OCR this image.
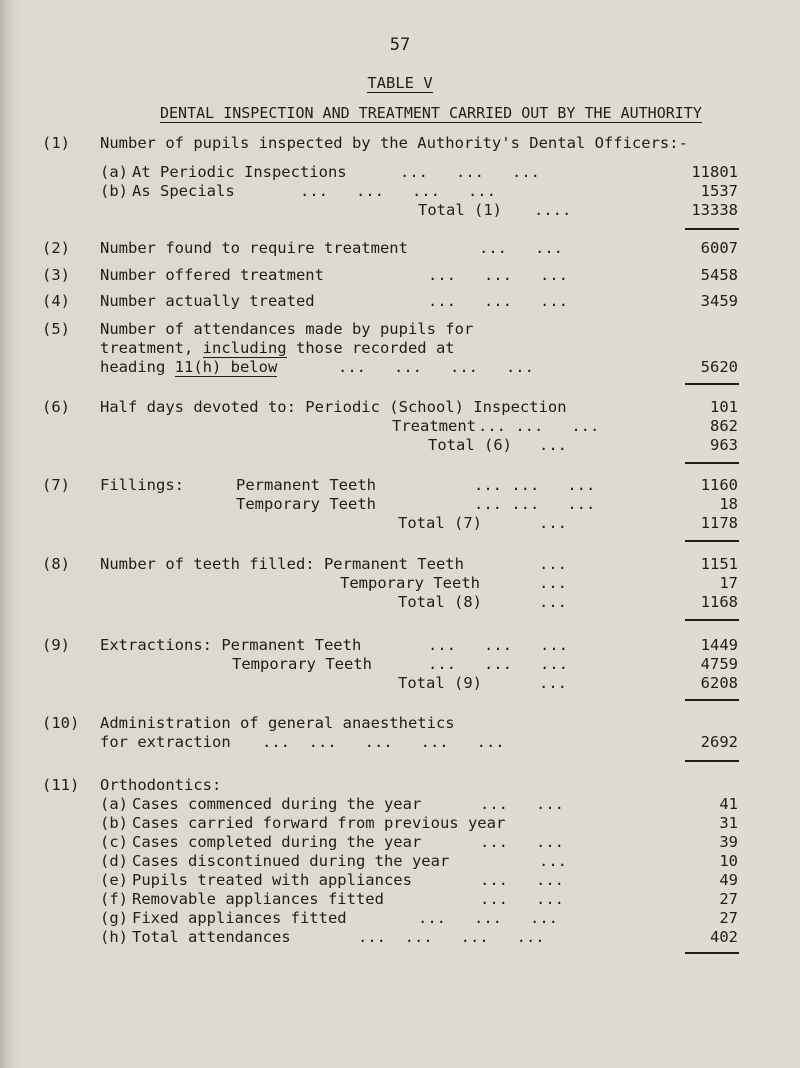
57
TABLE V
DENTAL INSPECTION AND TREATMENT CARRIED OUT BY THE AUTHORITY
(1) Number of pupils inspected by the Authority's Dental Officers:-
(a) At Periodic Inspections	...   ...   ...	11801
(b) As Specials	...   ...   ...   ...	1537
Total (1) ....	13338
(2) Number found to require treatment	...   ...	6007
(3) Number offered treatment	...   ...   ...	5458
(4) Number actually treated	...   ...   ...	3459
(5) Number of attendances made by pupils for
treatment, including those recorded at
heading 11(h) below	...   ...   ...   ...	5620
(6) Half days devoted to: Periodic (School) Inspection	101
Treatment ... ...   ...	862
Total (6) ...	963
(7) Fillings:	Permanent Teeth	... ...   ...	1160
Temporary Teeth	... ...   ...	18
Total (7)	...	1178
(8) Number of teeth filled: Permanent Teeth	...	1151
Temporary Teeth	...	17
Total (8)	...	1168
(9) Extractions: Permanent Teeth	...   ...   ...	1449
Temporary Teeth	...   ...   ...	4759
Total (9)	...	6208
(10) Administration of general anaesthetics
for extraction ...  ...   ...   ...   ...	2692
(11) Orthodontics:
(a) Cases commenced during the year	...   ...	41
(b) Cases carried forward from previous year	31
(c) Cases completed during the year	...   ...	39
(d) Cases discontinued during the year	...	10
(e) Pupils treated with appliances	...   ...	49
(f) Removable appliances fitted	...   ...	27
(g) Fixed appliances fitted	...   ...   ...	27
(h) Total attendances	...  ...   ...   ...	402
